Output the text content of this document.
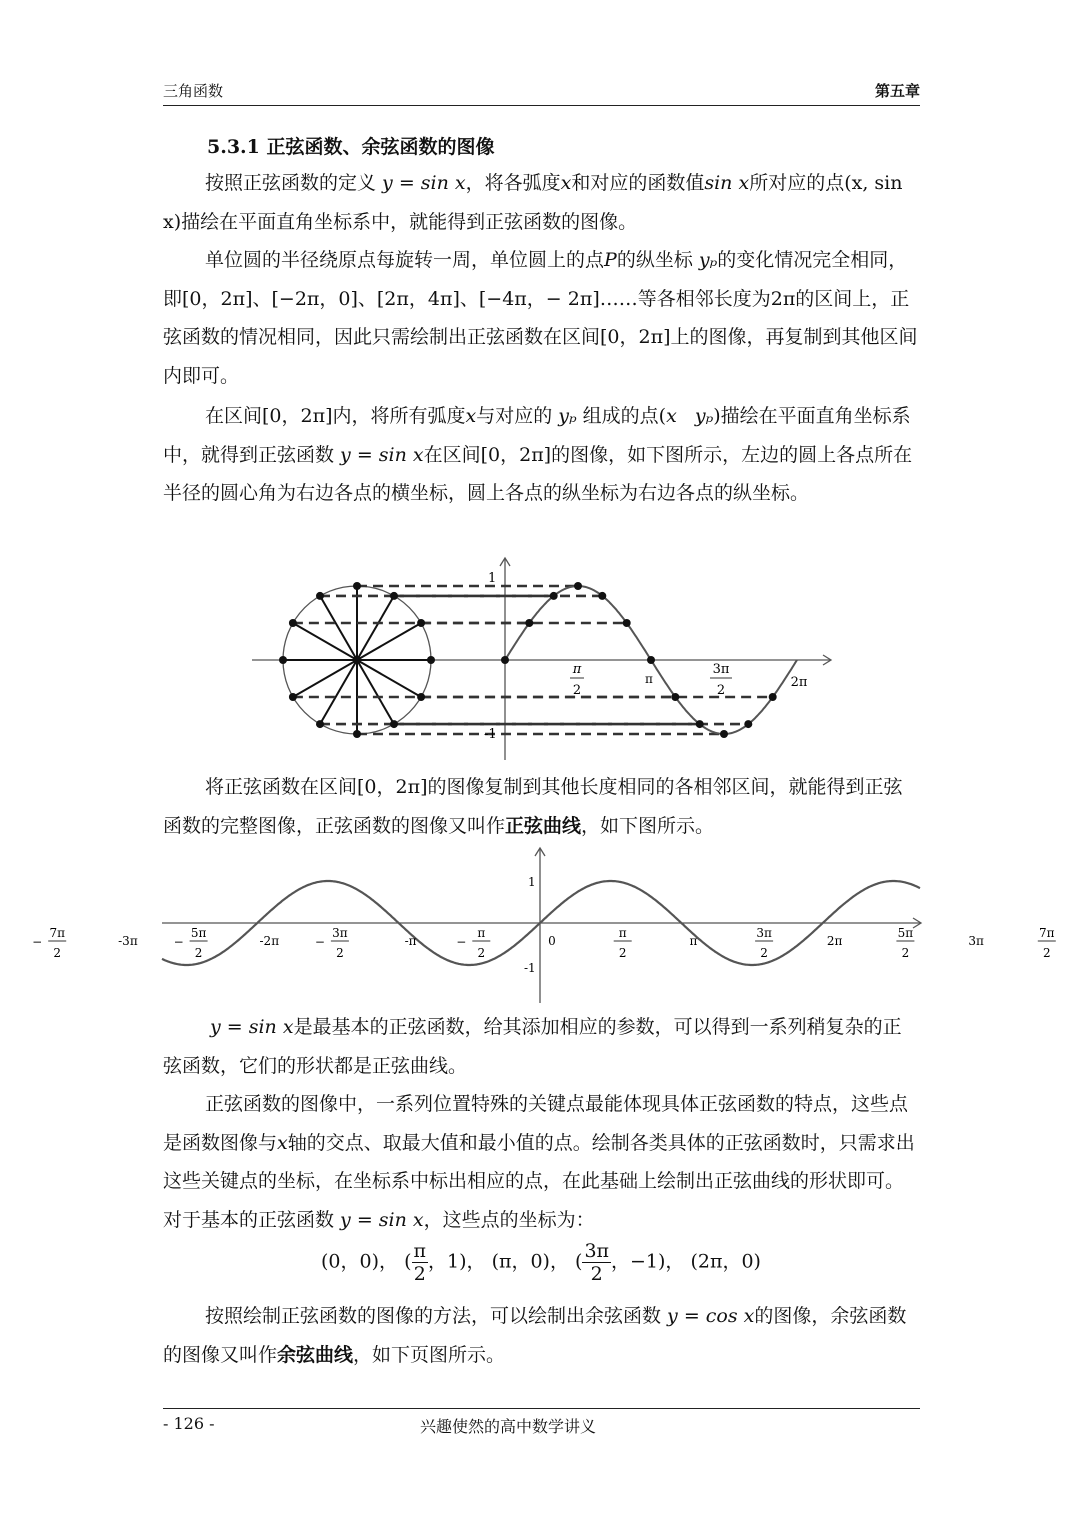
三角函数	第五章
5.3.1 正弦函数、余弦函数的图像
按照正弦函数的定义 y = sin x，将各弧度x和对应的函数值sin x所对应的点(x, sin x)描绘在平面直角坐标系中，就能得到正弦函数的图像。
单位圆的半径绕原点每旋转一周，单位圆上的点P的纵坐标 yₚ的变化情况完全相同，即[0，2π]、[−2π，0]、[2π，4π]、[−4π，− 2π]……等各相邻长度为2π的区间上，正弦函数的情况相同，因此只需绘制出正弦函数在区间[0，2π]上的图像，再复制到其他区间内即可。
在区间[0，2π]内，将所有弧度x与对应的 yₚ 组成的点(x yₚ)描绘在平面直角坐标系中，就得到正弦函数 y = sin x在区间[0，2π]的图像，如下图所示，左边的圆上各点所在半径的圆心角为右边各点的横坐标，圆上各点的纵坐标为右边各点的纵坐标。
1
-1
π
2
π
3π
2
2π
将正弦函数在区间[0，2π]的图像复制到其他长度相同的各相邻区间，就能得到正弦函数的完整图像，正弦函数的图像又叫作正弦曲线，如下图所示。
−
7π
2
-3π	−
5π
2
-2π	−
3π
2
-π	−
π
2
0
π
2
π
3π
2
2π
5π
2
3π
7π
2
1
-1
y = sin x是最基本的正弦函数，给其添加相应的参数，可以得到一系列稍复杂的正弦函数，它们的形状都是正弦曲线。
正弦函数的图像中，一系列位置特殊的关键点最能体现具体正弦函数的特点，这些点是函数图像与x轴的交点、取最大值和最小值的点。绘制各类具体的正弦函数时，只需求出这些关键点的坐标，在坐标系中标出相应的点，在此基础上绘制出正弦曲线的形状即可。对于基本的正弦函数 y = sin x，这些点的坐标为：
(0，0)， ( $\frac{\pi}{2}$ ，1)， (π，0)， ( $\frac{3\pi}{2}$ ，−1)， (2π，0)
按照绘制正弦函数的图像的方法，可以绘制出余弦函数 y = cos x的图像，余弦函数的图像又叫作余弦曲线，如下页图所示。
- 126 -	兴趣使然的高中数学讲义
